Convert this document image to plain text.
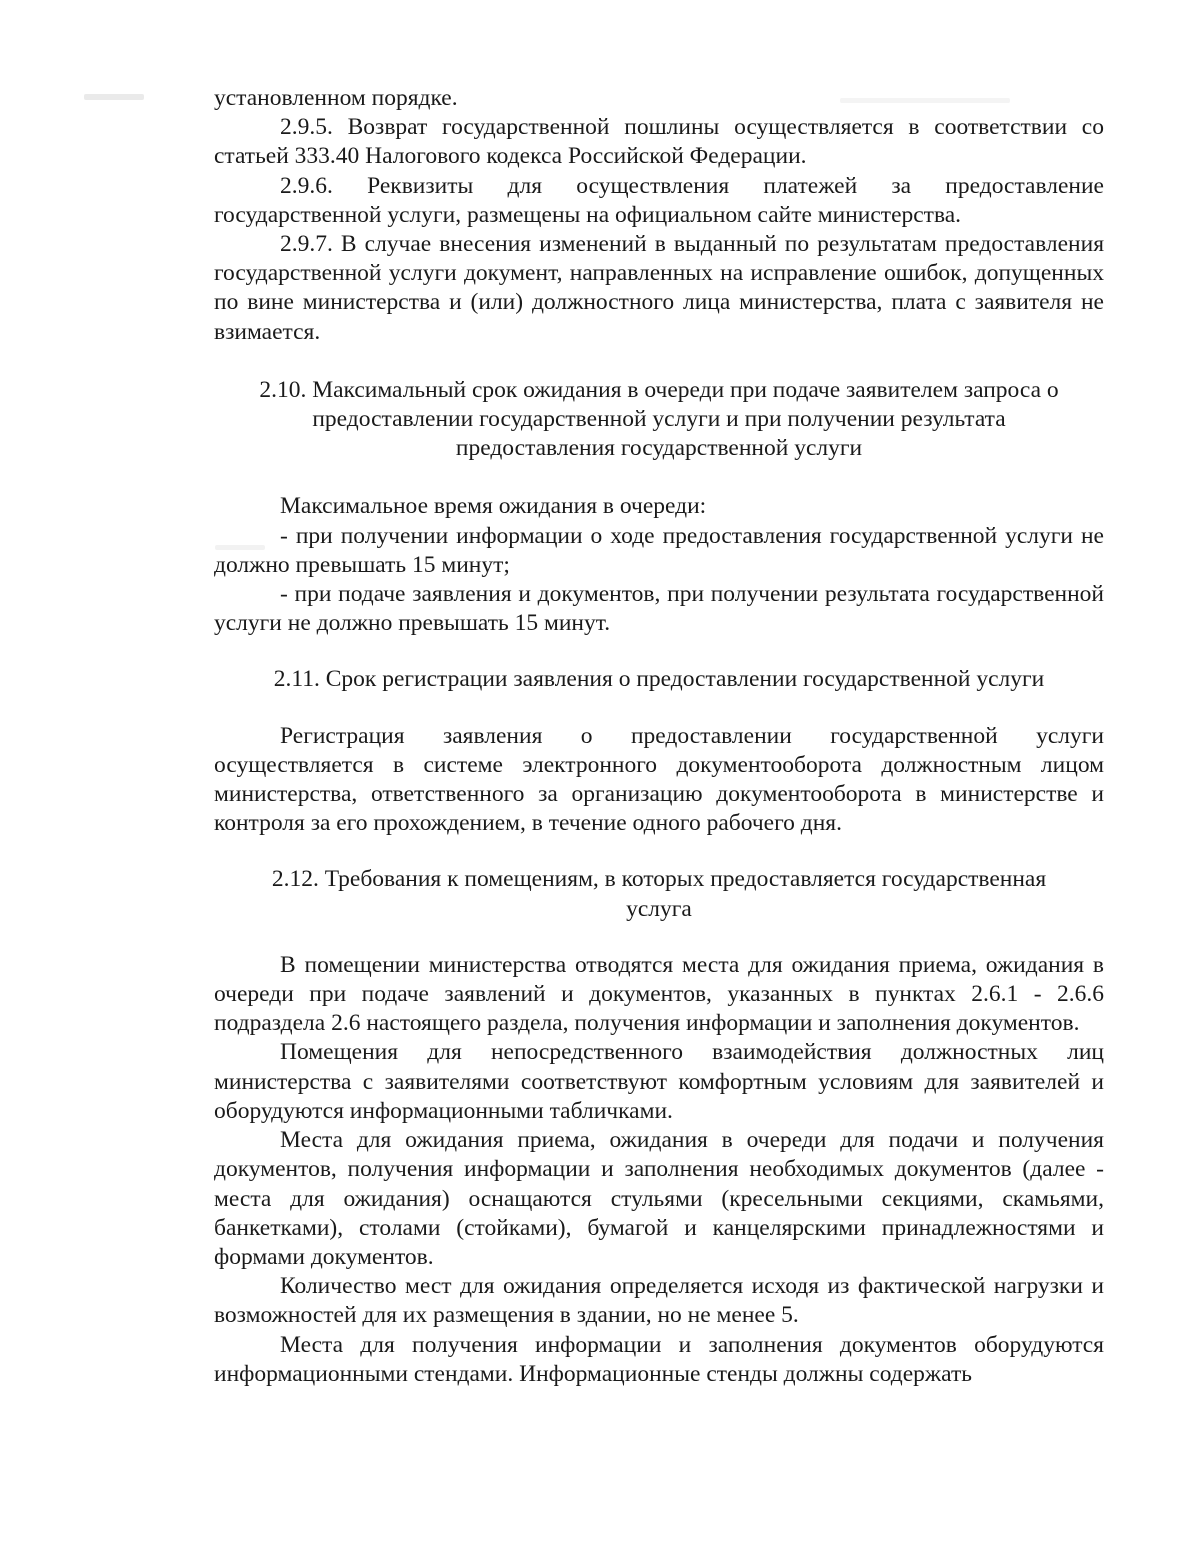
установленном порядке.

2.9.5. Возврат государственной пошлины осуществляется в соответствии со статьей 333.40 Налогового кодекса Российской Федерации.

2.9.6. Реквизиты для осуществления платежей за предоставление государственной услуги, размещены на официальном сайте министерства.

2.9.7. В случае внесения изменений в выданный по результатам предоставления государственной услуги документ, направленных на исправление ошибок, допущенных по вине министерства и (или) должностного лица министерства, плата с заявителя не взимается.

2.10. Максимальный срок ожидания в очереди при подаче заявителем запроса о
предоставлении государственной услуги и при получении результата
предоставления государственной услуги

Максимальное время ожидания в очереди:

- при получении информации о ходе предоставления государственной услуги не должно превышать 15 минут;

- при подаче заявления и документов, при получении результата государственной услуги не должно превышать 15 минут.

2.11. Срок регистрации заявления о предоставлении государственной услуги

Регистрация заявления о предоставлении государственной услуги осуществляется в системе электронного документооборота должностным лицом министерства, ответственного за организацию документооборота в министерстве и контроля за его прохождением, в течение одного рабочего дня.

2.12. Требования к помещениям, в которых предоставляется государственная
услуга

В помещении министерства отводятся места для ожидания приема, ожидания в очереди при подаче заявлений и документов, указанных в пунктах 2.6.1 - 2.6.6 подраздела 2.6 настоящего раздела, получения информации и заполнения документов.

Помещения для непосредственного взаимодействия должностных лиц министерства с заявителями соответствуют комфортным условиям для заявителей и оборудуются информационными табличками.

Места для ожидания приема, ожидания в очереди для подачи и получения документов, получения информации и заполнения необходимых документов (далее - места для ожидания) оснащаются стульями (кресельными секциями, скамьями, банкетками), столами (стойками), бумагой и канцелярскими принадлежностями и формами документов.

Количество мест для ожидания определяется исходя из фактической нагрузки и возможностей для их размещения в здании, но не менее 5.

Места для получения информации и заполнения документов оборудуются информационными стендами. Информационные стенды должны содержать
